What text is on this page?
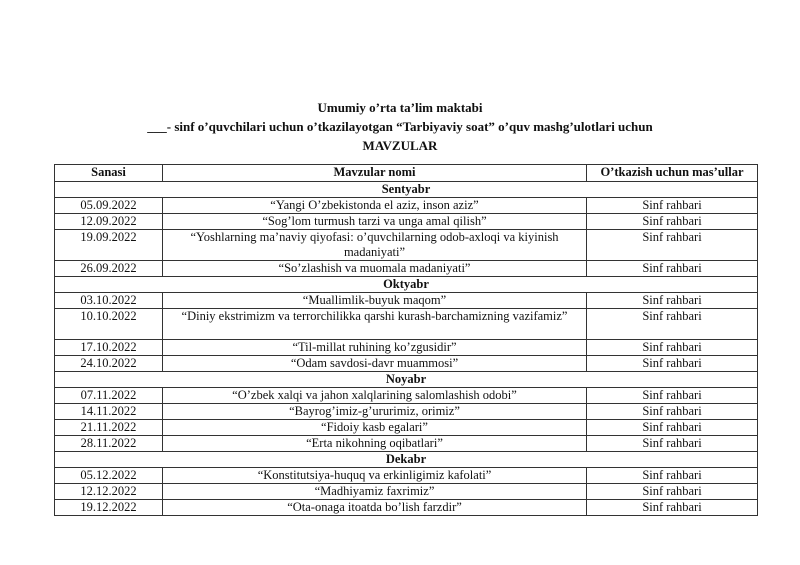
Umumiy o’rta ta’lim maktabi
___- sinf o’quvchilari uchun o’tkazilayotgan “Tarbiyaviy soat” o’quv mashg’ulotlari uchun
MAVZULAR
Sanasi	Mavzular nomi	O’tkazish uchun mas’ullar
Sentyabr		
05.09.2022	“Yangi O’zbekistonda el aziz, inson aziz”	Sinf rahbari
12.09.2022	“Sog’lom turmush tarzi va unga amal qilish”	Sinf rahbari
19.09.2022	“Yoshlarning ma’naviy qiyofasi: o’quvchilarning odob-axloqi va kiyinish madaniyati”	Sinf rahbari
26.09.2022	“So’zlashish va muomala madaniyati”	Sinf rahbari
Oktyabr		
03.10.2022	“Muallimlik-buyuk maqom”	Sinf rahbari
10.10.2022	“Diniy ekstrimizm va terrorchilikka qarshi kurash-barchamizning vazifamiz”	Sinf rahbari
17.10.2022	“Til-millat ruhining ko’zgusidir”	Sinf rahbari
24.10.2022	“Odam savdosi-davr muammosi”	Sinf rahbari
Noyabr		
07.11.2022	“O’zbek xalqi va jahon xalqlarining salomlashish odobi”	Sinf rahbari
14.11.2022	“Bayrog’imiz-g’ururimiz, orimiz”	Sinf rahbari
21.11.2022	“Fidoiy kasb egalari”	Sinf rahbari
28.11.2022	“Erta nikohning oqibatlari”	Sinf rahbari
Dekabr		
05.12.2022	“Konstitutsiya-huquq va erkinligimiz kafolati”	Sinf rahbari
12.12.2022	“Madhiyamiz faxrimiz”	Sinf rahbari
19.12.2022	“Ota-onaga itoatda bo’lish farzdir”	Sinf rahbari
